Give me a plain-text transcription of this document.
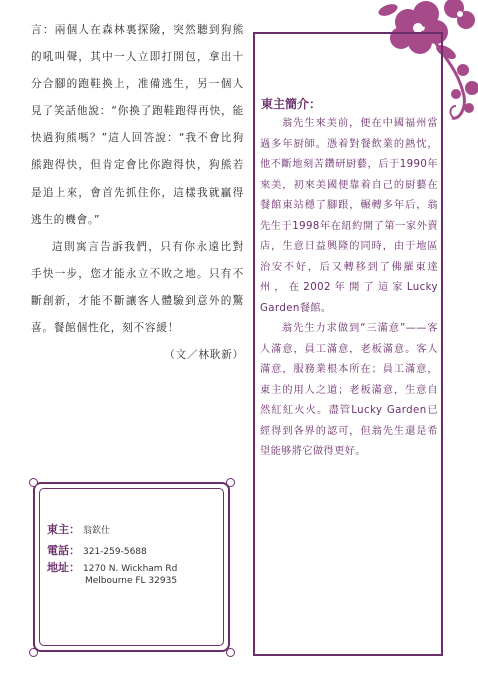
言：兩個人在森林裏探險，突然聽到狗熊的吼叫聲，其中一人立即打開包，拿出十分合腳的跑鞋換上，准備逃生，另一個人見了笑話他說：“你換了跑鞋跑得再快，能快過狗熊嗎？”這人回答說：“我不會比狗熊跑得快，但肯定會比你跑得快，狗熊若是追上來，會首先抓住你，這樣我就贏得逃生的機會。”

這則寓言告訴我們，只有你永遠比對手快一步，您才能永立不敗之地。只有不斷創新，才能不斷讓客人體驗到意外的驚喜。餐館個性化，刻不容緩！

（文／林耿新）

東主簡介：

翁先生來美前，便在中國福州當過多年厨師。憑着對餐飲業的熱忱，他不斷地刻苦鑽研厨藝，后于1990年來美，初來美國便靠着自己的厨藝在餐館東站穩了腳跟，輾轉多年后，翁先生于1998年在紐約開了第一家外賣店，生意日益興隆的同時，由于地區治安不好，后又轉移到了佛羅東達州，在2002年開了這家Lucky Garden餐館。

翁先生力求做到“三滿意”——客人滿意，員工滿意，老板滿意。客人滿意，服務業根本所在；員工滿意，東主的用人之道；老板滿意，生意自然紅紅火火。盡管Lucky Garden已經得到各界的認可，但翁先生還是希望能够將它做得更好。

東主： 翁欽仕
電話： 321-259-5688
地址： 1270 N. Wickham Rd
Melbourne FL 32935
